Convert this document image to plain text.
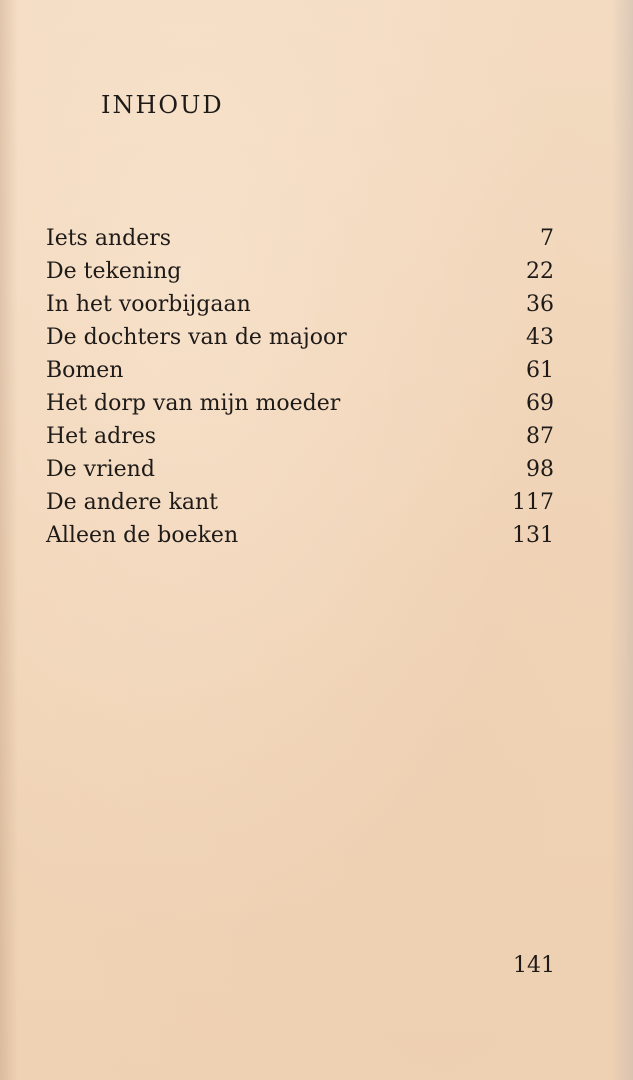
INHOUD
Iets anders	7
De tekening	22
In het voorbijgaan	36
De dochters van de majoor	43
Bomen	61
Het dorp van mijn moeder	69
Het adres	87
De vriend	98
De andere kant	117
Alleen de boeken	131
141
